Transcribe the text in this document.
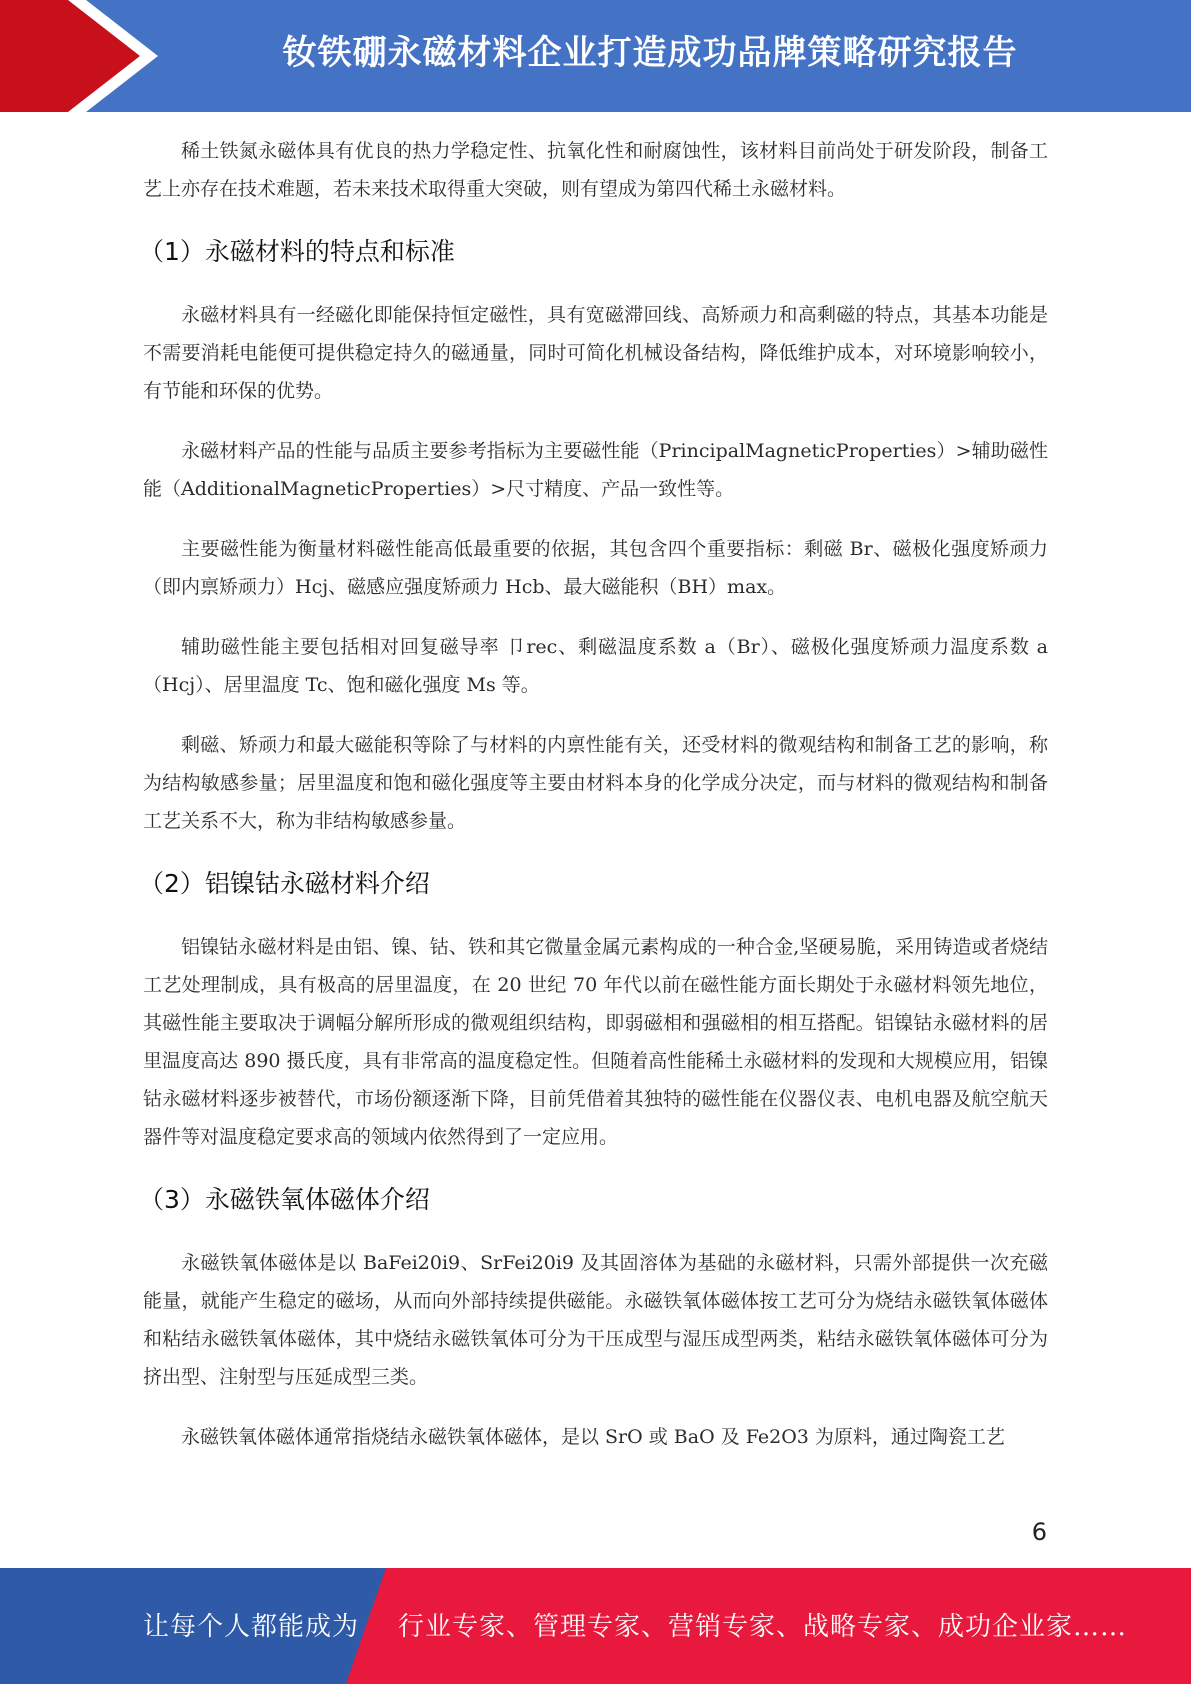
钕铁硼永磁材料企业打造成功品牌策略研究报告

稀土铁氮永磁体具有优良的热力学稳定性、抗氧化性和耐腐蚀性，该材料目前尚处于研发阶段，制备工艺上亦存在技术难题，若未来技术取得重大突破，则有望成为第四代稀土永磁材料。

（1）永磁材料的特点和标准

永磁材料具有一经磁化即能保持恒定磁性，具有宽磁滞回线、高矫顽力和高剩磁的特点，其基本功能是不需要消耗电能便可提供稳定持久的磁通量，同时可简化机械设备结构，降低维护成本，对环境影响较小，有节能和环保的优势。

永磁材料产品的性能与品质主要参考指标为主要磁性能（PrincipalMagneticProperties）>辅助磁性能（AdditionalMagneticProperties）>尺寸精度、产品一致性等。

主要磁性能为衡量材料磁性能高低最重要的依据，其包含四个重要指标：剩磁 Br、磁极化强度矫顽力（即内禀矫顽力）Hcj、磁感应强度矫顽力 Hcb、最大磁能积（BH）max。

辅助磁性能主要包括相对回复磁导率 卩rec、剩磁温度系数 a（Br）、磁极化强度矫顽力温度系数 a（Hcj）、居里温度 Tc、饱和磁化强度 Ms 等。

剩磁、矫顽力和最大磁能积等除了与材料的内禀性能有关，还受材料的微观结构和制备工艺的影响，称为结构敏感参量；居里温度和饱和磁化强度等主要由材料本身的化学成分决定，而与材料的微观结构和制备工艺关系不大，称为非结构敏感参量。

（2）铝镍钴永磁材料介绍

铝镍钴永磁材料是由铝、镍、钴、铁和其它微量金属元素构成的一种合金,坚硬易脆，采用铸造或者烧结工艺处理制成，具有极高的居里温度，在 20 世纪 70 年代以前在磁性能方面长期处于永磁材料领先地位，其磁性能主要取决于调幅分解所形成的微观组织结构，即弱磁相和强磁相的相互搭配。铝镍钴永磁材料的居里温度高达 890 摄氏度，具有非常高的温度稳定性。但随着高性能稀土永磁材料的发现和大规模应用，铝镍钴永磁材料逐步被替代，市场份额逐渐下降，目前凭借着其独特的磁性能在仪器仪表、电机电器及航空航天器件等对温度稳定要求高的领域内依然得到了一定应用。

（3）永磁铁氧体磁体介绍

永磁铁氧体磁体是以 BaFei20i9、SrFei20i9 及其固溶体为基础的永磁材料，只需外部提供一次充磁能量，就能产生稳定的磁场，从而向外部持续提供磁能。永磁铁氧体磁体按工艺可分为烧结永磁铁氧体磁体和粘结永磁铁氧体磁体，其中烧结永磁铁氧体可分为干压成型与湿压成型两类，粘结永磁铁氧体磁体可分为挤出型、注射型与压延成型三类。

永磁铁氧体磁体通常指烧结永磁铁氧体磁体，是以 SrO 或 BaO 及 Fe2O3 为原料，通过陶瓷工艺

6
让每个人都能成为 行业专家、管理专家、营销专家、战略专家、成功企业家……
